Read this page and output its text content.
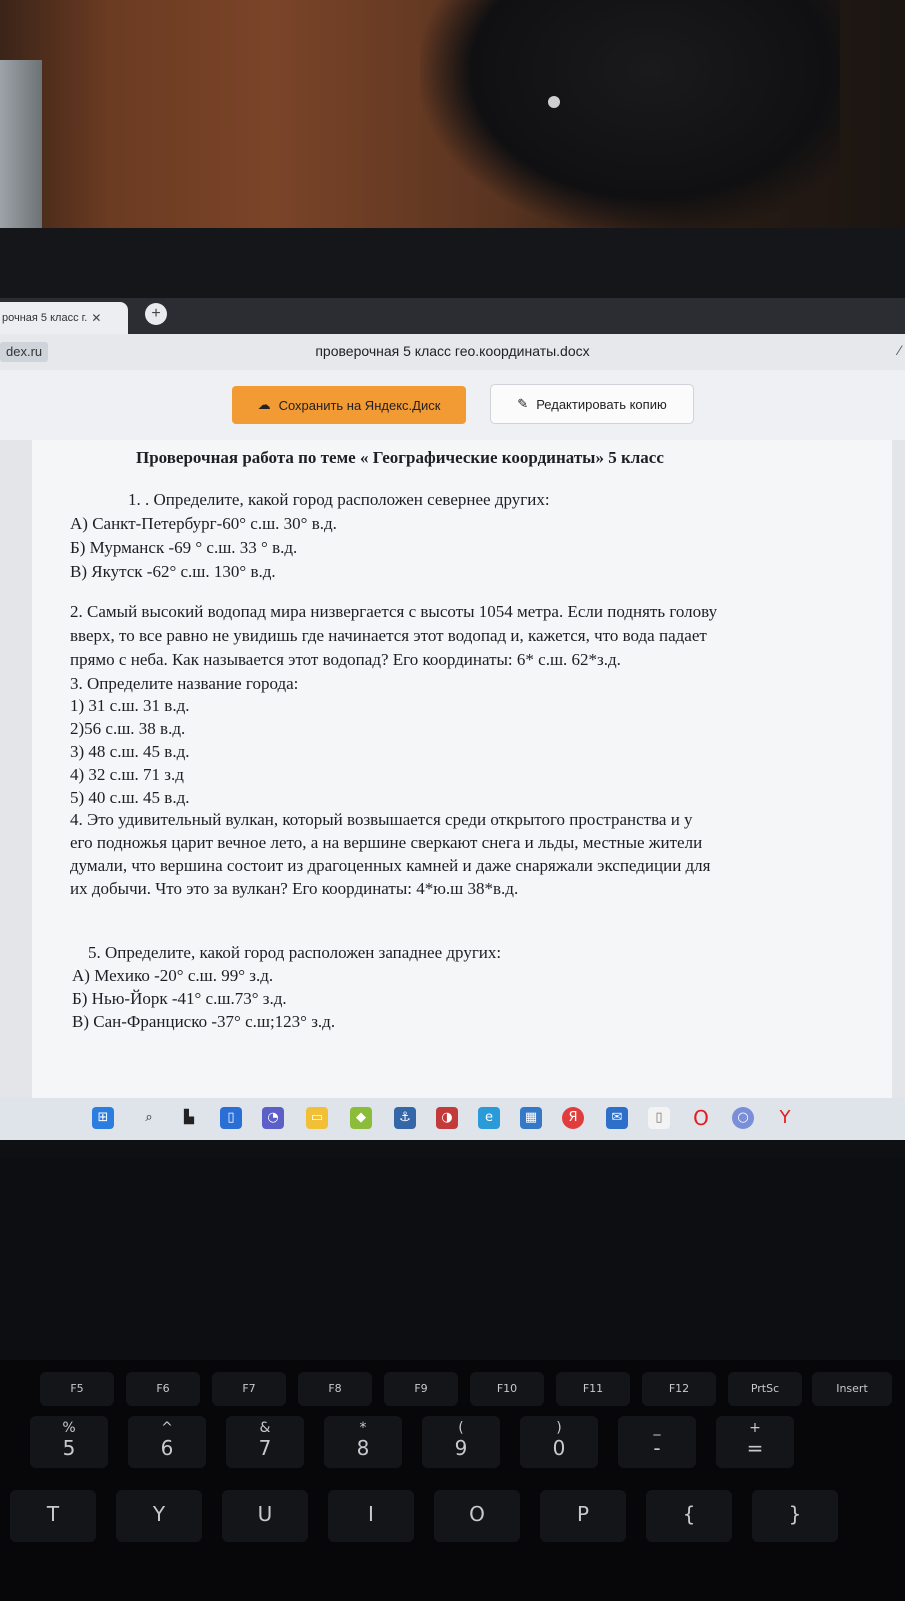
рочная 5 класс г. ✕	+
dex.ru	проверочная 5 класс гео.координаты.docx	⁄
☁ Сохранить на Яндекс.Диск	✎ Редактировать копию
Проверочная работа по теме « Географические координаты» 5 класс
1. . Определите, какой город расположен севернее других:
А) Санкт-Петербург-60° с.ш. 30° в.д.
Б) Мурманск -69 ° с.ш. 33 ° в.д.
В) Якутск -62° с.ш. 130° в.д.
2. Самый высокий водопад мира низвергается с высоты 1054 метра. Если поднять голову
вверх, то все равно не увидишь где начинается этот водопад и, кажется, что вода падает
прямо с неба. Как называется этот водопад? Его координаты: 6* с.ш. 62*з.д.
3. Определите название города:
1) 31 с.ш. 31 в.д.
2)56 с.ш. 38 в.д.
3) 48 с.ш. 45 в.д.
4) 32 с.ш. 71 з.д
5) 40 с.ш. 45 в.д.
4. Это удивительный вулкан, который возвышается среди открытого пространства и у
его подножья царит вечное лето, а на вершине сверкают снега и льды, местные жители
думали, что вершина состоит из драгоценных камней и даже снаряжали экспедиции для
их добычи. Что это за вулкан? Его координаты: 4*ю.ш 38*в.д.
5. Определите, какой город расположен западнее других:
А) Мехико -20° с.ш. 99° з.д.
Б) Нью-Йорк -41° с.ш.73° з.д.
В) Сан-Франциско -37° с.ш;123° з.д.
⊞	⌕	▙	▯	◔	▭	◆	⚓	◑	e	▦	Я	✉	▯	O	○	Y
F5	F6	F7	F8	F9	F10	F11	F12	PrtSc	Insert
%
5
^
6
&
7
*
8
(
9
)
0
_
-
+
=
T	Y	U	I	O	P	{	}
